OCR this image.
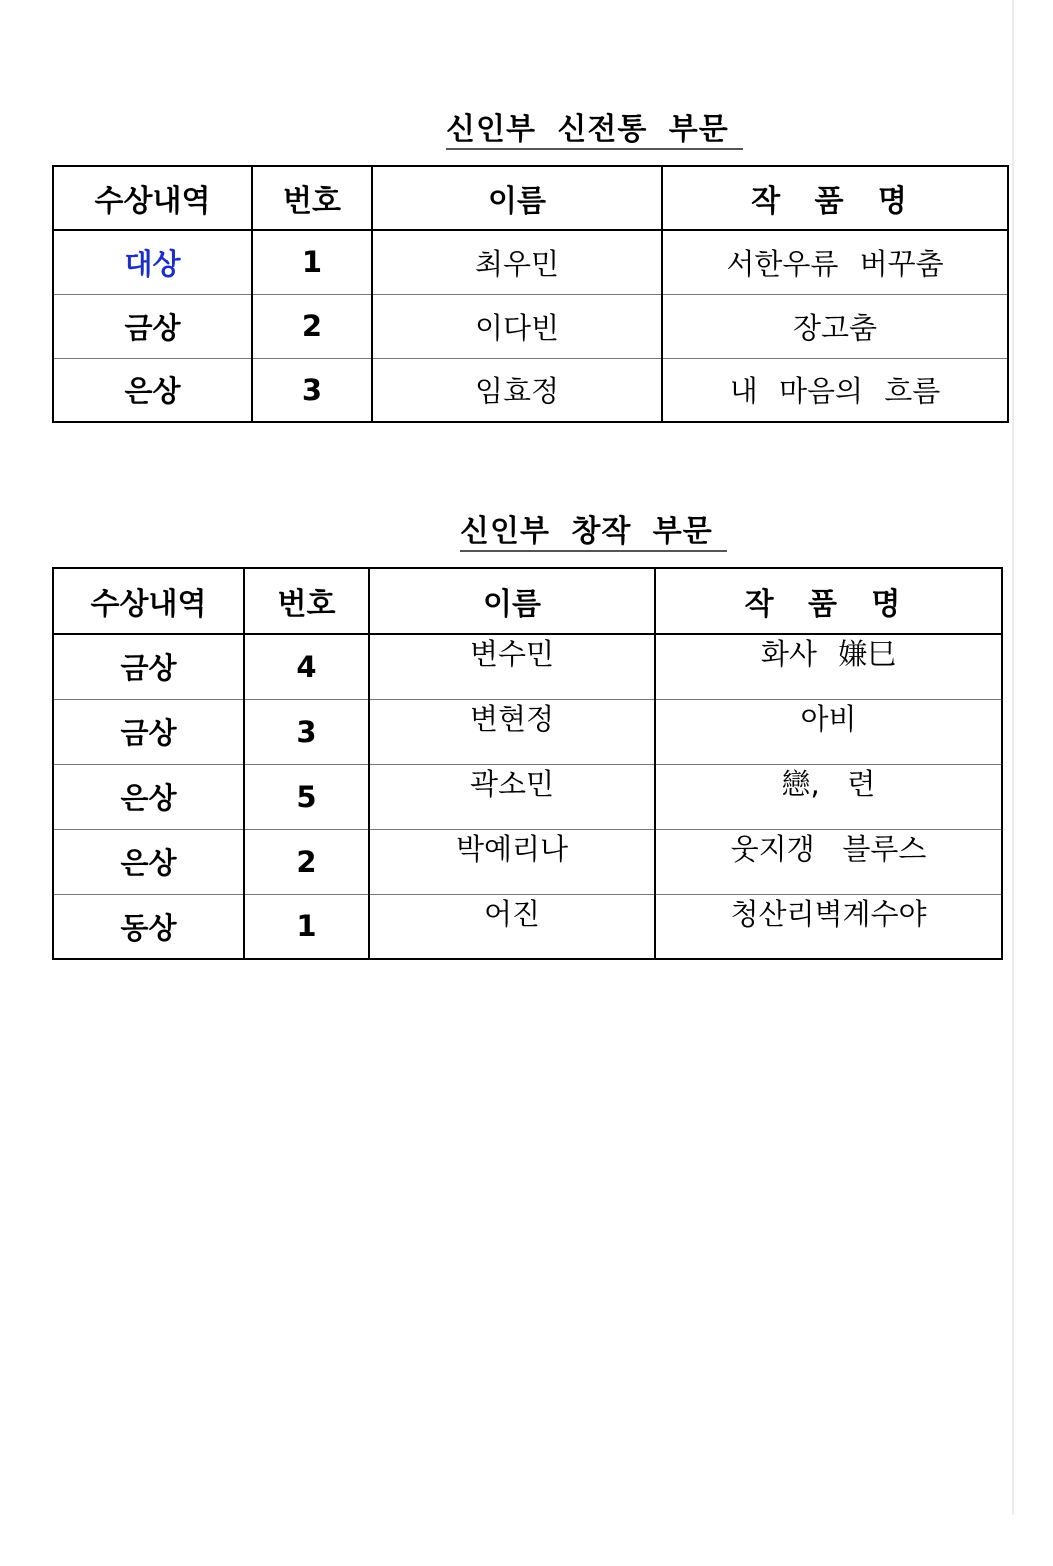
신인부 신전통 부문
수상내역	번호	이름	작 품 명
대상	1	최우민	서한우류 버꾸춤
금상	2	이다빈	장고춤
은상	3	임효정	내 마음의 흐름
신인부 창작 부문
수상내역	번호	이름	작 품 명
금상	4	변수민	화사 嫌巳
금상	3	변현정	아비
은상	5	곽소민	戀,   련
은상	2	박예리나	웃지갱   블루스
동상	1	어진	청산리벽계수야
